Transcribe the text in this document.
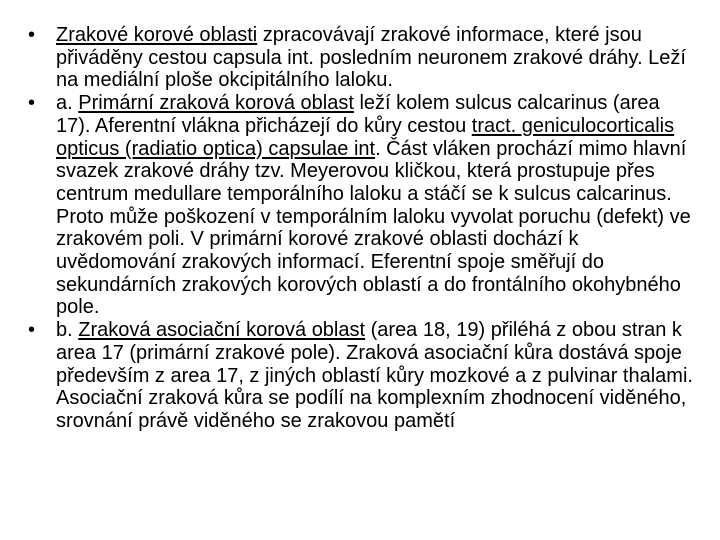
•	Zrakové korové oblasti zpracovávají zrakové informace, které jsou přiváděny cestou capsula int. posledním neuronem zrakové dráhy. Leží na mediální ploše okcipitálního laloku.
•	a. Primární zraková korová oblast leží kolem sulcus calcarinus (area 17). Aferentní vlákna přicházejí do kůry cestou tract. geniculocorticalis opticus (radiatio optica) capsulae int. Část vláken prochází mimo hlavní svazek zrakové dráhy tzv. Meyerovou kličkou, která prostupuje přes centrum medullare temporálního laloku a stáčí se k sulcus calcarinus. Proto může poškození v temporálním laloku vyvolat poruchu (defekt) ve zrakovém poli. V primární korové zrakové oblasti dochází k uvědomování zrakových informací. Eferentní spoje směřují do sekundárních zrakových korových oblastí a do frontálního okohybného pole.
•	b. Zraková asociační korová oblast (area 18, 19) přiléhá z obou stran k area 17 (primární zrakové pole). Zraková asociační kůra dostává spoje především z area 17, z jiných oblastí kůry mozkové a z pulvinar thalami. Asociační zraková kůra se podílí na komplexním zhodnocení viděného, srovnání právě viděného se zrakovou pamětí
